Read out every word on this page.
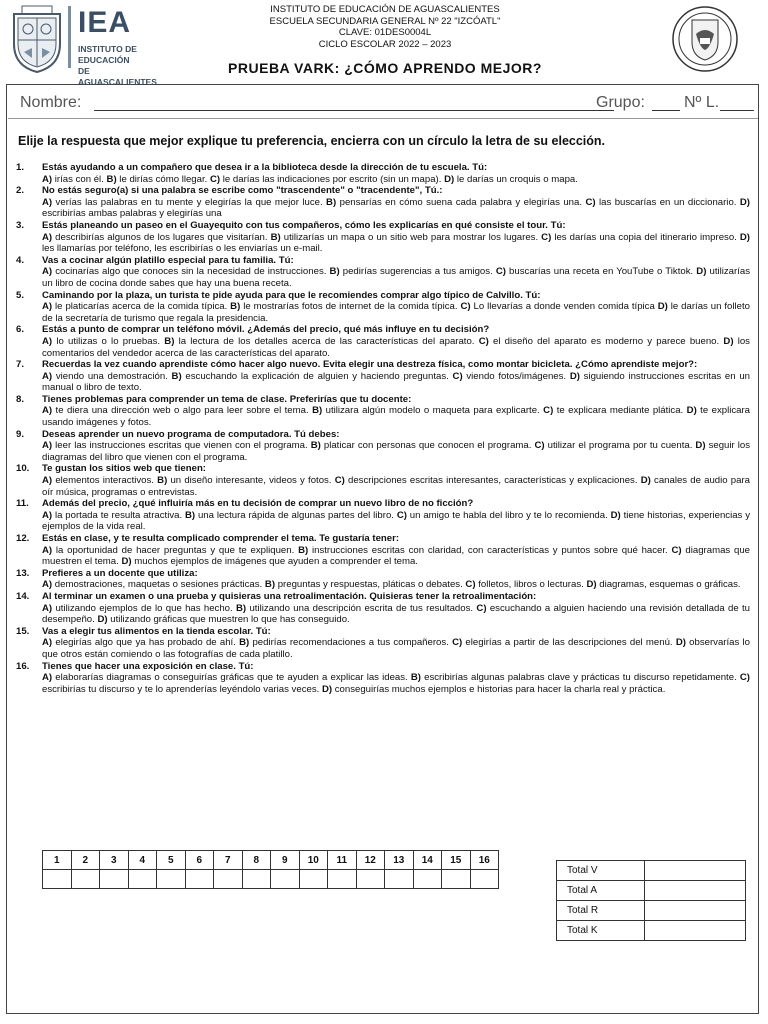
IEA
INSTITUTO DE EDUCACIÓN
DE AGUASCALIENTES
INSTITUTO DE EDUCACIÓN DE AGUASCALIENTES
ESCUELA SECUNDARIA GENERAL Nº 22 "IZCÓATL"
CLAVE: 01DES0004L
CICLO ESCOLAR 2022 – 2023
PRUEBA VARK: ¿CÓMO APRENDO MEJOR?
Nombre:	Grupo: Nº L.
Elije la respuesta que mejor explique tu preferencia, encierra con un círculo la letra de su elección.
1.	Estás ayudando a un compañero que desea ir a la biblioteca desde la dirección de tu escuela. Tú:
A) irías con él. B) le dirías cómo llegar. C) le darías las indicaciones por escrito (sin un mapa). D) le darías un croquis o mapa.
2.	No estás seguro(a) si una palabra se escribe como "trascendente" o "tracendente", Tú.:
A) verías las palabras en tu mente y elegirías la que mejor luce. B) pensarías en cómo suena cada palabra y elegirías una. C) las buscarías en un diccionario. D) escribirías ambas palabras y elegirías una
3.	Estás planeando un paseo en el Guayequito con tus compañeros, cómo les explicarías en qué consiste el tour. Tú:
A) describirías algunos de los lugares que visitarían. B) utilizarías un mapa o un sitio web para mostrar los lugares. C) les darías una copia del itinerario impreso. D) les llamarías por teléfono, les escribirías o les enviarías un e-mail.
4.	Vas a cocinar algún platillo especial para tu familia. Tú:
A) cocinarías algo que conoces sin la necesidad de instrucciones. B) pedirías sugerencias a tus amigos. C) buscarías una receta en YouTube o Tiktok. D) utilizarías un libro de cocina donde sabes que hay una buena receta.
5.	Caminando por la plaza, un turista te pide ayuda para que le recomiendes comprar algo típico de Calvillo. Tú:
A) le platicarías acerca de la comida típica. B) le mostrarías fotos de internet de la comida típica. C) Lo llevarías a donde venden comida típica D) le darías un folleto de la secretaría de turismo que regala la presidencia.
6.	Estás a punto de comprar un teléfono móvil. ¿Además del precio, qué más influye en tu decisión?
A) lo utilizas o lo pruebas. B) la lectura de los detalles acerca de las características del aparato. C) el diseño del aparato es moderno y parece bueno. D) los comentarios del vendedor acerca de las características del aparato.
7.	Recuerdas la vez cuando aprendiste cómo hacer algo nuevo. Evita elegir una destreza física, como montar bicicleta. ¿Cómo aprendiste mejor?:
A) viendo una demostración. B) escuchando la explicación de alguien y haciendo preguntas. C) viendo fotos/imágenes. D) siguiendo instrucciones escritas en un manual o libro de texto.
8.	Tienes problemas para comprender un tema de clase. Preferirías que tu docente:
A) te diera una dirección web o algo para leer sobre el tema. B) utilizara algún modelo o maqueta para explicarte. C) te explicara mediante plática. D) te explicara usando imágenes y fotos.
9.	Deseas aprender un nuevo programa de computadora. Tú debes:
A) leer las instrucciones escritas que vienen con el programa. B) platicar con personas que conocen el programa. C) utilizar el programa por tu cuenta. D) seguir los diagramas del libro que vienen con el programa.
10.	Te gustan los sitios web que tienen:
A) elementos interactivos. B) un diseño interesante, videos y fotos. C) descripciones escritas interesantes, características y explicaciones. D) canales de audio para oír música, programas o entrevistas.
11.	Además del precio, ¿qué influiría más en tu decisión de comprar un nuevo libro de no ficción?
A) la portada te resulta atractiva. B) una lectura rápida de algunas partes del libro. C) un amigo te habla del libro y te lo recomienda. D) tiene historias, experiencias y ejemplos de la vida real.
12.	Estás en clase, y te resulta complicado comprender el tema. Te gustaría tener:
A) la oportunidad de hacer preguntas y que te expliquen. B) instrucciones escritas con claridad, con características y puntos sobre qué hacer. C) diagramas que muestren el tema. D) muchos ejemplos de imágenes que ayuden a comprender el tema.
13.	Prefieres a un docente que utiliza:
A) demostraciones, maquetas o sesiones prácticas. B) preguntas y respuestas, pláticas o debates. C) folletos, libros o lecturas. D) diagramas, esquemas o gráficas.
14.	Al terminar un examen o una prueba y quisieras una retroalimentación. Quisieras tener la retroalimentación:
A) utilizando ejemplos de lo que has hecho. B) utilizando una descripción escrita de tus resultados. C) escuchando a alguien haciendo una revisión detallada de tu desempeño. D) utilizando gráficas que muestren lo que has conseguido.
15.	Vas a elegir tus alimentos en la tienda escolar. Tú:
A) elegirías algo que ya has probado de ahí. B) pedirías recomendaciones a tus compañeros. C) elegirías a partir de las descripciones del menú. D) observarías lo que otros están comiendo o las fotografías de cada platillo.
16.	Tienes que hacer una exposición en clase. Tú:
A) elaborarías diagramas o conseguirías gráficas que te ayuden a explicar las ideas. B) escribirías algunas palabras clave y prácticas tu discurso repetidamente. C) escribirías tu discurso y te lo aprenderías leyéndolo varias veces. D) conseguirías muchos ejemplos e historias para hacer la charla real y práctica.
1	2	3	4	5	6	7	8	9	10	11	12	13	14	15	16

Total V	
Total A	
Total R	
Total K	
